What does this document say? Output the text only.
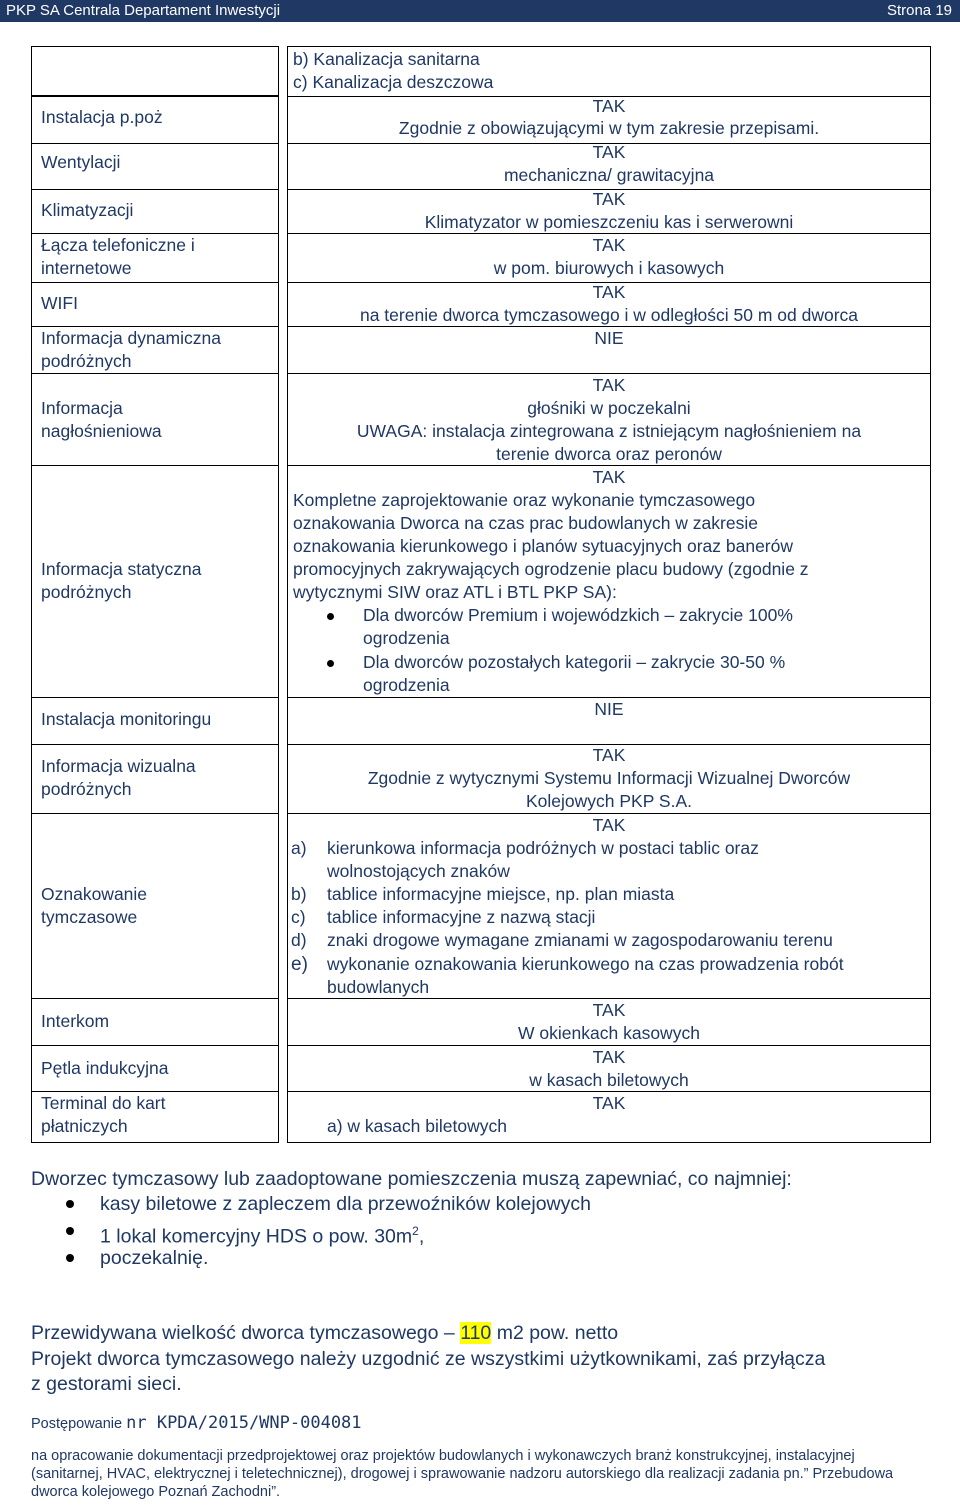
PKP SA Centrala Departament Inwestycji	Strona 19
Instalacja p.poż
Wentylacji
Klimatyzacji
Łącza telefoniczne i
internetowe
WIFI
Informacja dynamiczna
podróżnych
Informacja
nagłośnieniowa
Informacja statyczna
podróżnych
Instalacja monitoringu
Informacja wizualna
podróżnych
Oznakowanie
tymczasowe
Interkom
Pętla indukcyjna
Terminal do kart
płatniczych
b) Kanalizacja sanitarna
c) Kanalizacja deszczowa
TAK
Zgodnie z obowiązującymi w tym zakresie przepisami.
TAK
mechaniczna/ grawitacyjna
TAK
Klimatyzator w pomieszczeniu kas i serwerowni
TAK
w pom. biurowych i kasowych
TAK
na terenie dworca tymczasowego i w odległości 50 m od dworca
NIE
TAK
głośniki w poczekalni
UWAGA: instalacja zintegrowana z istniejącym nagłośnieniem na
terenie dworca oraz peronów
TAK
Kompletne zaprojektowanie oraz wykonanie tymczasowego
oznakowania Dworca na czas prac budowlanych w zakresie
oznakowania kierunkowego i planów sytuacyjnych oraz banerów
promocyjnych zakrywających ogrodzenie placu budowy (zgodnie z
wytycznymi SIW oraz ATL i BTL PKP SA):
Dla dworców Premium i wojewódzkich – zakrycie 100%
ogrodzenia
Dla dworców pozostałych kategorii – zakrycie 30-50 %
ogrodzenia
NIE
TAK
Zgodnie z wytycznymi Systemu Informacji Wizualnej Dworców
Kolejowych PKP S.A.
TAK
a) kierunkowa informacja podróżnych w postaci tablic oraz
wolnostojących znaków
b) tablice informacyjne miejsce, np. plan miasta
c) tablice informacyjne z nazwą stacji
d) znaki drogowe wymagane zmianami w zagospodarowaniu terenu
e) wykonanie oznakowania kierunkowego na czas prowadzenia robót
budowlanych
TAK
W okienkach kasowych
TAK
w kasach biletowych
TAK
a) w kasach biletowych
Dworzec tymczasowy lub zaadoptowane pomieszczenia muszą zapewniać, co najmniej:
kasy biletowe z zapleczem dla przewoźników kolejowych
1 lokal komercyjny HDS o pow. $30m^2$,
poczekalnię.
Przewidywana wielkość dworca tymczasowego – 110 m2 pow. netto
Projekt dworca tymczasowego należy uzgodnić ze wszystkimi użytkownikami, zaś przyłącza
z gestorami sieci.
Postępowanie nr KPDA/2015/WNP-004081
na opracowanie dokumentacji przedprojektowej oraz projektów budowlanych i wykonawczych branż konstrukcyjnej, instalacyjnej
(sanitarnej, HVAC, elektrycznej i teletechnicznej), drogowej i sprawowanie nadzoru autorskiego dla realizacji zadania pn.” Przebudowa
dworca kolejowego Poznań Zachodni”.
